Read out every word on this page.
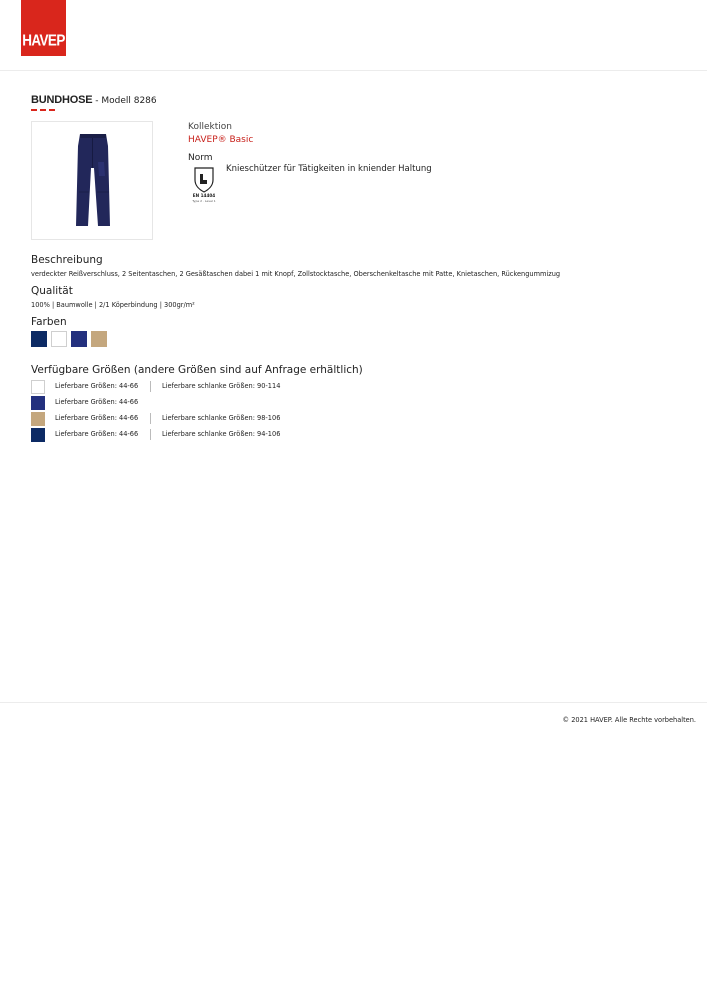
HAVEP
BUNDHOSE - Modell 8286
Kollektion
HAVEP® Basic
Norm
EN 14404
Type 2 · Level 1
Knieschützer für Tätigkeiten in kniender Haltung
Beschreibung
verdeckter Reißverschluss, 2 Seitentaschen, 2 Gesäßtaschen dabei 1 mit Knopf, Zollstocktasche, Oberschenkeltasche mit Patte, Knietaschen, Rückengummizug
Qualität
100% | Baumwolle | 2/1 Köperbindung | 300gr/m²
Farben
Verfügbare Größen (andere Größen sind auf Anfrage erhältlich)
Lieferbare Größen: 44-66	Lieferbare schlanke Größen: 90-114
Lieferbare Größen: 44-66
Lieferbare Größen: 44-66	Lieferbare schlanke Größen: 98-106
Lieferbare Größen: 44-66	Lieferbare schlanke Größen: 94-106
© 2021 HAVEP. Alle Rechte vorbehalten.
